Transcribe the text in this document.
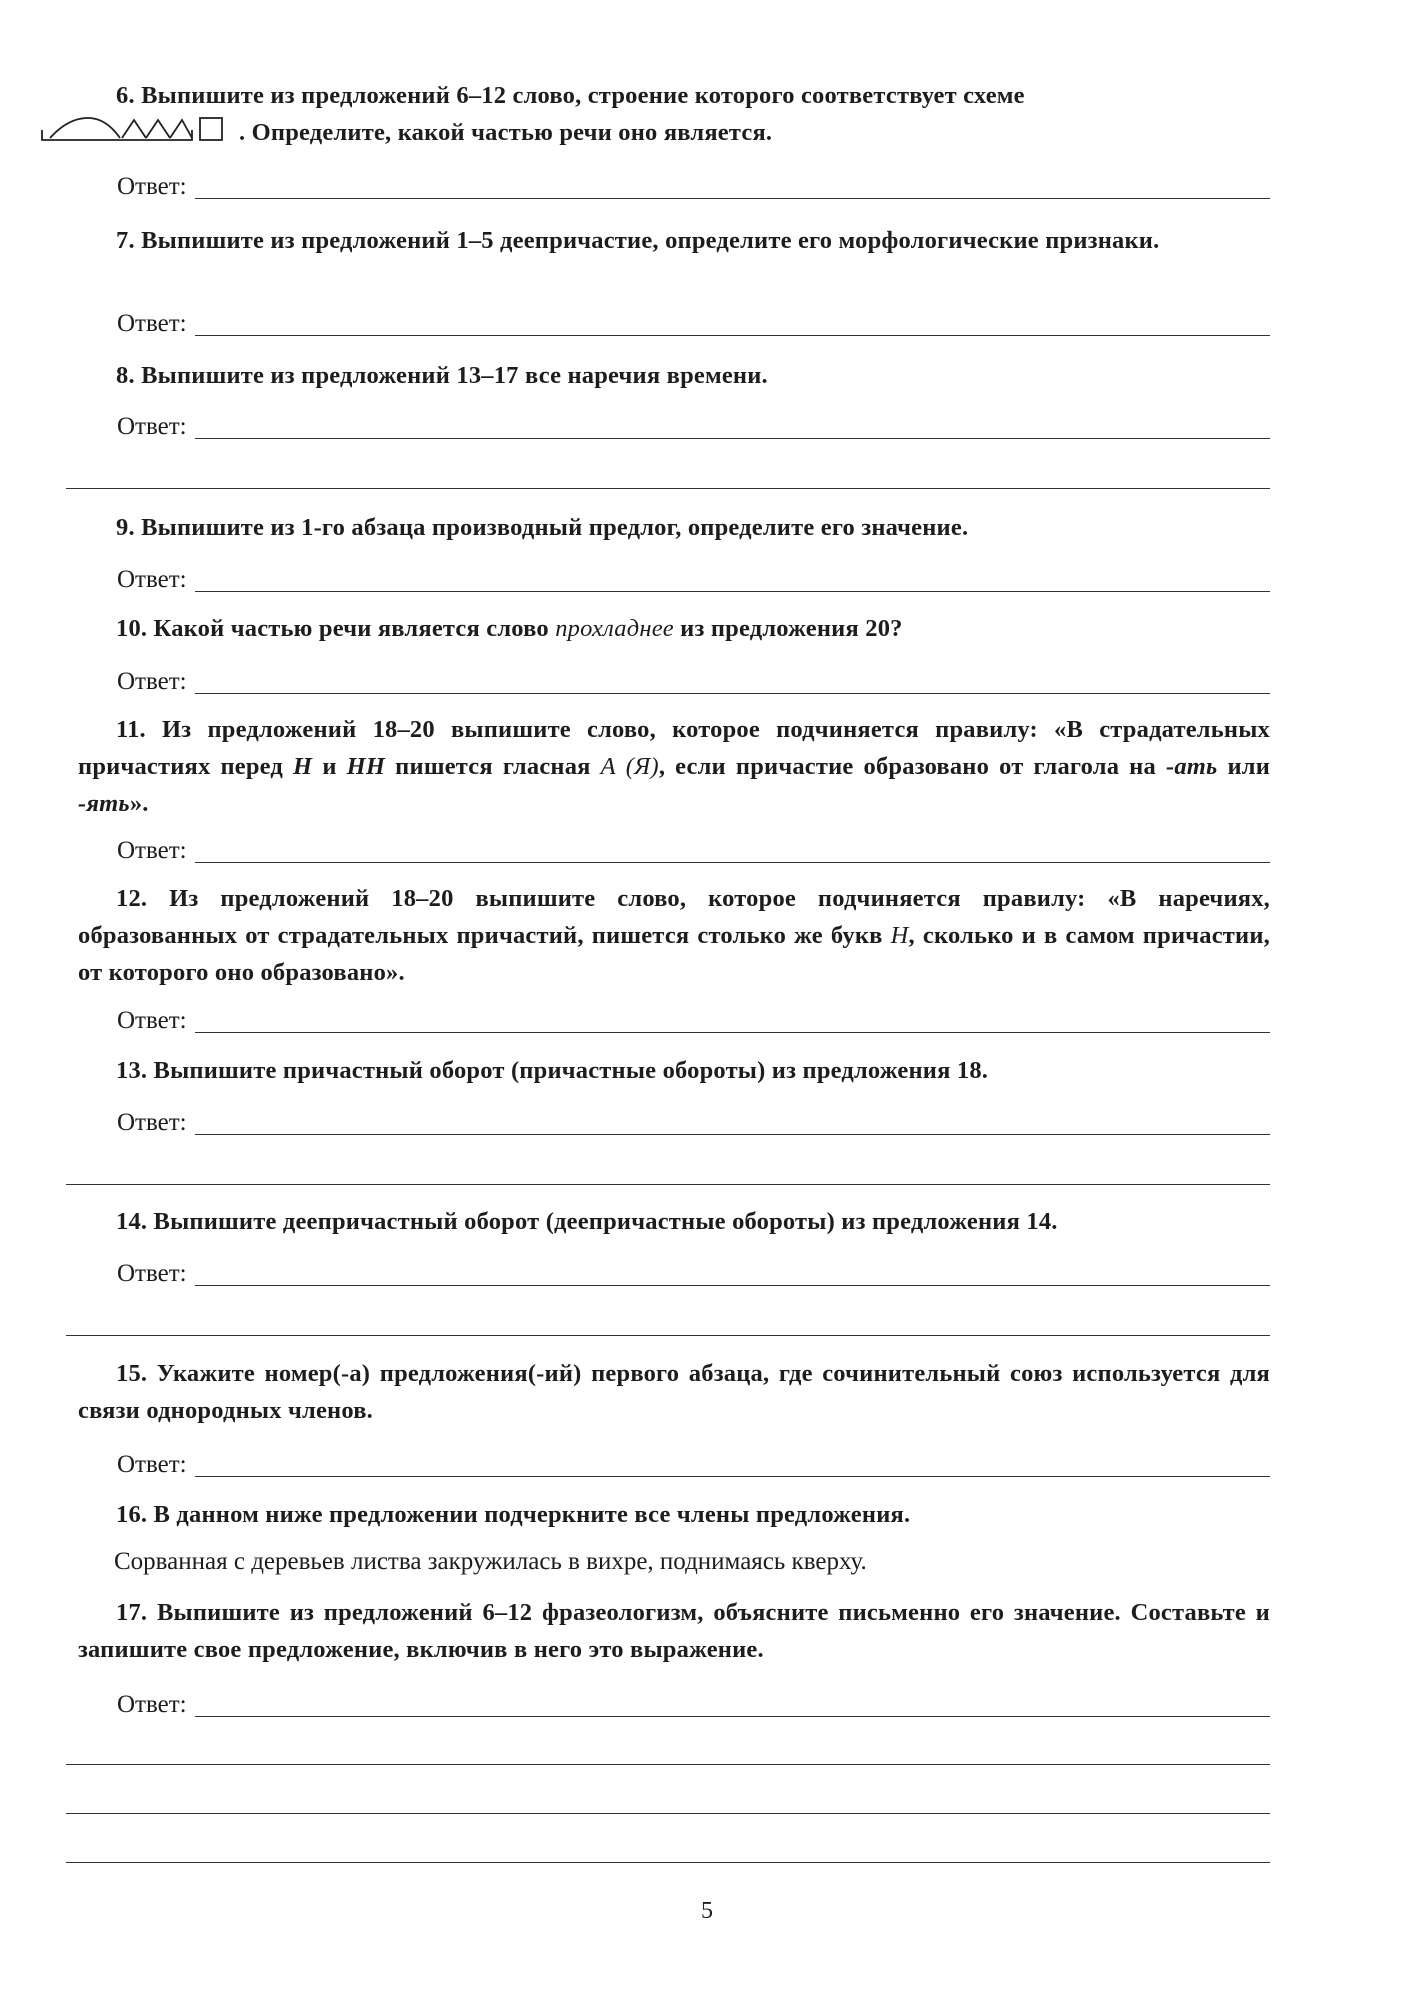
6. Выпишите из предложений 6–12 слово, строение которого соответствует схеме
. Определите, какой частью речи оно является.
Ответ:
7. Выпишите из предложений 1–5 деепричастие, определите его морфологические признаки.
Ответ:
8. Выпишите из предложений 13–17 все наречия времени.
Ответ:
9. Выпишите из 1-го абзаца производный предлог, определите его значение.
Ответ:
10. Какой частью речи является слово прохладнее из предложения 20?
Ответ:
11. Из предложений 18–20 выпишите слово, которое подчиняется правилу: «В страдательных причастиях перед Н и НН пишется гласная А (Я), если причастие образовано от глагола на -ать или -ять».
Ответ:
12. Из предложений 18–20 выпишите слово, которое подчиняется правилу: «В наречиях, образованных от страдательных причастий, пишется столько же букв Н, сколько и в самом причастии, от которого оно образовано».
Ответ:
13. Выпишите причастный оборот (причастные обороты) из предложения 18.
Ответ:
14. Выпишите деепричастный оборот (деепричастные обороты) из предложения 14.
Ответ:
15. Укажите номер(-а) предложения(-ий) первого абзаца, где сочинительный союз используется для связи однородных членов.
Ответ:
16. В данном ниже предложении подчеркните все члены предложения.
Сорванная с деревьев листва закружилась в вихре, поднимаясь кверху.
17. Выпишите из предложений 6–12 фразеологизм, объясните письменно его значение. Составьте и запишите свое предложение, включив в него это выражение.
Ответ:
5
